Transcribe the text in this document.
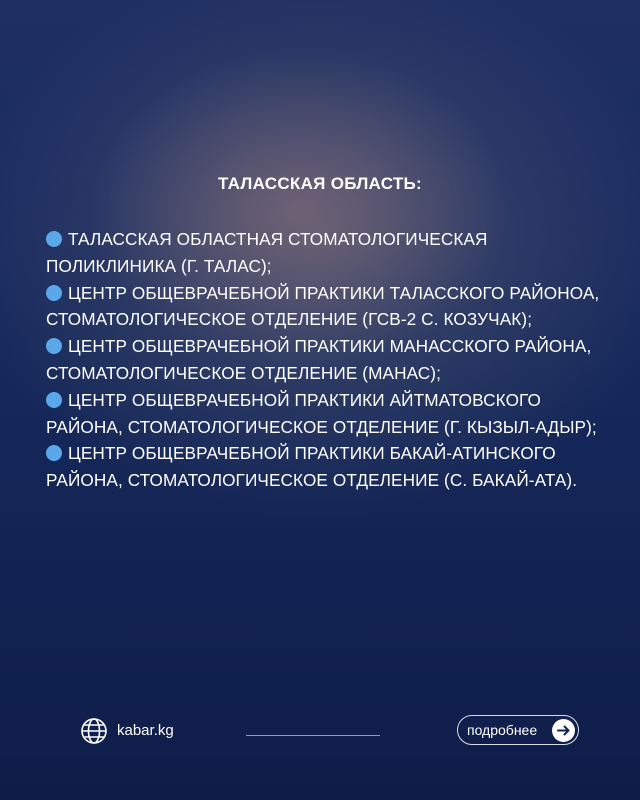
ТАЛАССКАЯ ОБЛАСТЬ:

ТАЛАССКАЯ ОБЛАСТНАЯ СТОМАТОЛОГИЧЕСКАЯ ПОЛИКЛИНИКА (Г. ТАЛАС);

ЦЕНТР ОБЩЕВРАЧЕБНОЙ ПРАКТИКИ ТАЛАССКОГО РАЙОНОА, СТОМАТОЛОГИЧЕСКОЕ ОТДЕЛЕНИЕ (ГСВ-2 С. КОЗУЧАК);

ЦЕНТР ОБЩЕВРАЧЕБНОЙ ПРАКТИКИ МАНАССКОГО РАЙОНА, СТОМАТОЛОГИЧЕСКОЕ ОТДЕЛЕНИЕ (МАНАС);

ЦЕНТР ОБЩЕВРАЧЕБНОЙ ПРАКТИКИ АЙТМАТОВСКОГО РАЙОНА, СТОМАТОЛОГИЧЕСКОЕ ОТДЕЛЕНИЕ (Г. КЫЗЫЛ-АДЫР);

ЦЕНТР ОБЩЕВРАЧЕБНОЙ ПРАКТИКИ БАКАЙ-АТИНСКОГО РАЙОНА, СТОМАТОЛОГИЧЕСКОЕ ОТДЕЛЕНИЕ (С. БАКАЙ-АТА).

kabar.kg	подробнее
